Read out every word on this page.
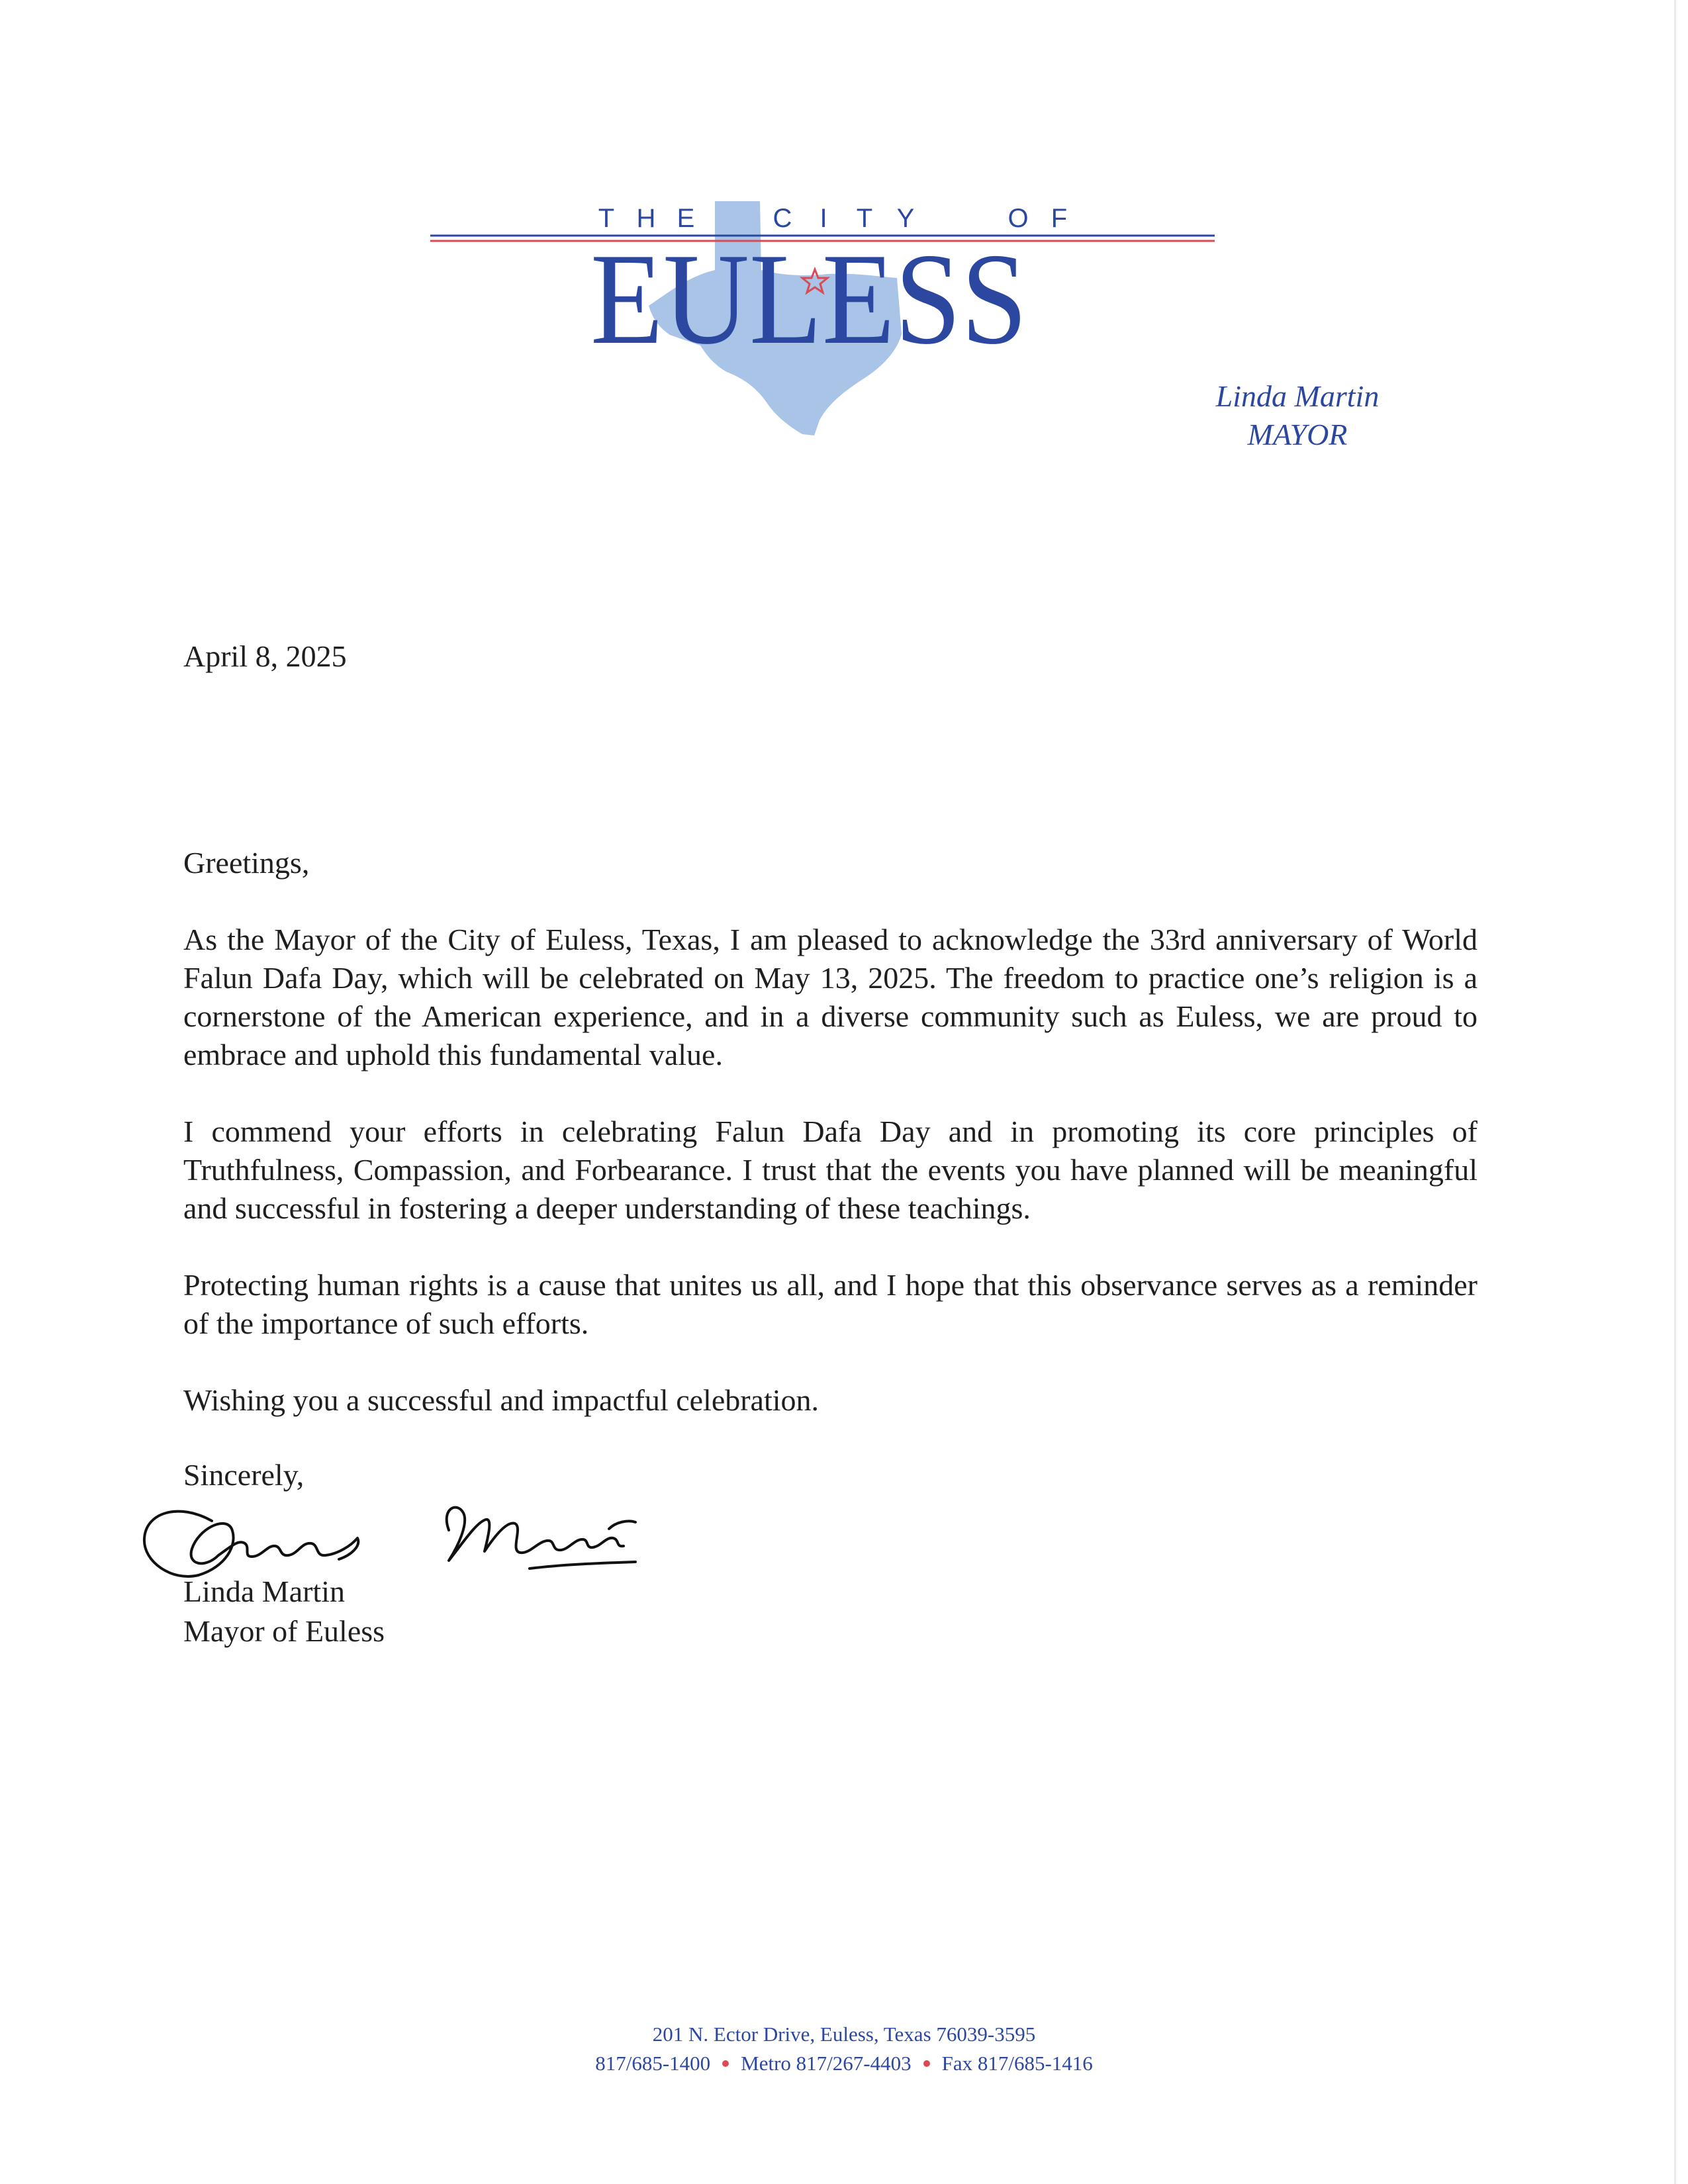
T H E	C I T Y	O F
EULESS
Linda Martin
MAYOR
April 8, 2025

Greetings,

As the Mayor of the City of Euless, Texas, I am pleased to acknowledge the 33rd anniversary of World Falun Dafa Day, which will be celebrated on May 13, 2025. The freedom to practice one’s religion is a cornerstone of the American experience, and in a diverse community such as Euless, we are proud to embrace and uphold this fundamental value.

I commend your efforts in celebrating Falun Dafa Day and in promoting its core principles of Truthfulness, Compassion, and Forbearance. I trust that the events you have planned will be meaningful and successful in fostering a deeper understanding of these teachings.

Protecting human rights is a cause that unites us all, and I hope that this observance serves as a reminder of the importance of such efforts.

Wishing you a successful and impactful celebration.

Sincerely,
Linda Martin
Mayor of Euless
201 N. Ector Drive, Euless, Texas 76039-3595
817/685-1400 Metro 817/267-4403 Fax 817/685-1416
